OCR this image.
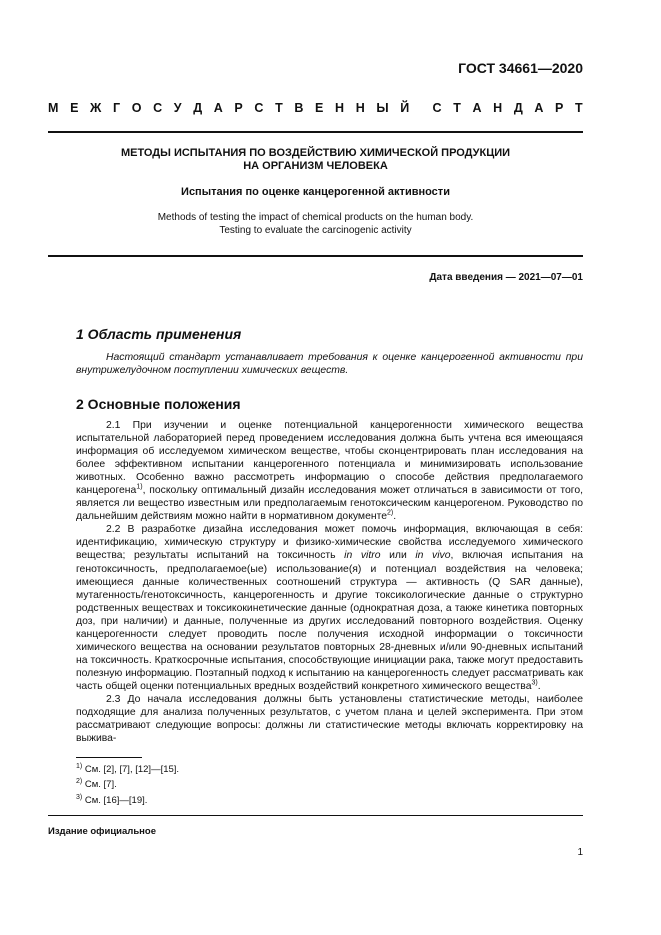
ГОСТ 34661—2020
М Е Ж Г О С У Д А Р С Т В Е Н Н Ы Й С Т А Н Д А Р Т
МЕТОДЫ ИСПЫТАНИЯ ПО ВОЗДЕЙСТВИЮ ХИМИЧЕСКОЙ ПРОДУКЦИИ
НА ОРГАНИЗМ ЧЕЛОВЕКА
Испытания по оценке канцерогенной активности
Methods of testing the impact of chemical products on the human body.
Testing to evaluate the carcinogenic activity
Дата введения — 2021—07—01
1 Область применения

Настоящий стандарт устанавливает требования к оценке канцерогенной активности при внутрижелудочном поступлении химических веществ.

2 Основные положения

2.1 При изучении и оценке потенциальной канцерогенности химического вещества испытательной лабораторией перед проведением исследования должна быть учтена вся имеющаяся информация об исследуемом химическом веществе, чтобы сконцентрировать план исследования на более эффективном испытании канцерогенного потенциала и минимизировать использование животных. Особенно важно рассмотреть информацию о способе действия предполагаемого канцерогена$^{1)}$, поскольку оптимальный дизайн исследования может отличаться в зависимости от того, является ли вещество известным или предполагаемым генотоксическим канцерогеном. Руководство по дальнейшим действиям можно найти в нормативном документе$^{2)}$.

2.2 В разработке дизайна исследования может помочь информация, включающая в себя: идентификацию, химическую структуру и физико-химические свойства исследуемого химического вещества; результаты испытаний на токсичность in vitro или in vivo, включая испытания на генотоксичность, предполагаемое(ые) использование(я) и потенциал воздействия на человека; имеющиеся данные количественных соотношений структура — активность (Q SAR данные), мутагенность/генотоксичность, канцерогенность и другие токсикологические данные о структурно родственных веществах и токсикокинетические данные (однократная доза, а также кинетика повторных доз, при наличии) и данные, полученные из других исследований повторного воздействия. Оценку канцерогенности следует проводить после получения исходной информации о токсичности химического вещества на основании результатов повторных 28-дневных и/или 90-дневных испытаний на токсичность. Краткосрочные испытания, способствующие инициации рака, также могут предоставить полезную информацию. Поэтапный подход к испытанию на канцерогенность следует рассматривать как часть общей оценки потенциальных вредных воздействий конкретного химического вещества$^{3)}$.

2.3 До начала исследования должны быть установлены статистические методы, наиболее подходящие для анализа полученных результатов, с учетом плана и целей эксперимента. При этом рассматривают следующие вопросы: должны ли статистические методы включать корректировку на выжива-

$^{1)}$ См. [2], [7], [12]—[15].
$^{2)}$ См. [7].
$^{3)}$ См. [16]—[19].
Издание официальное
1
